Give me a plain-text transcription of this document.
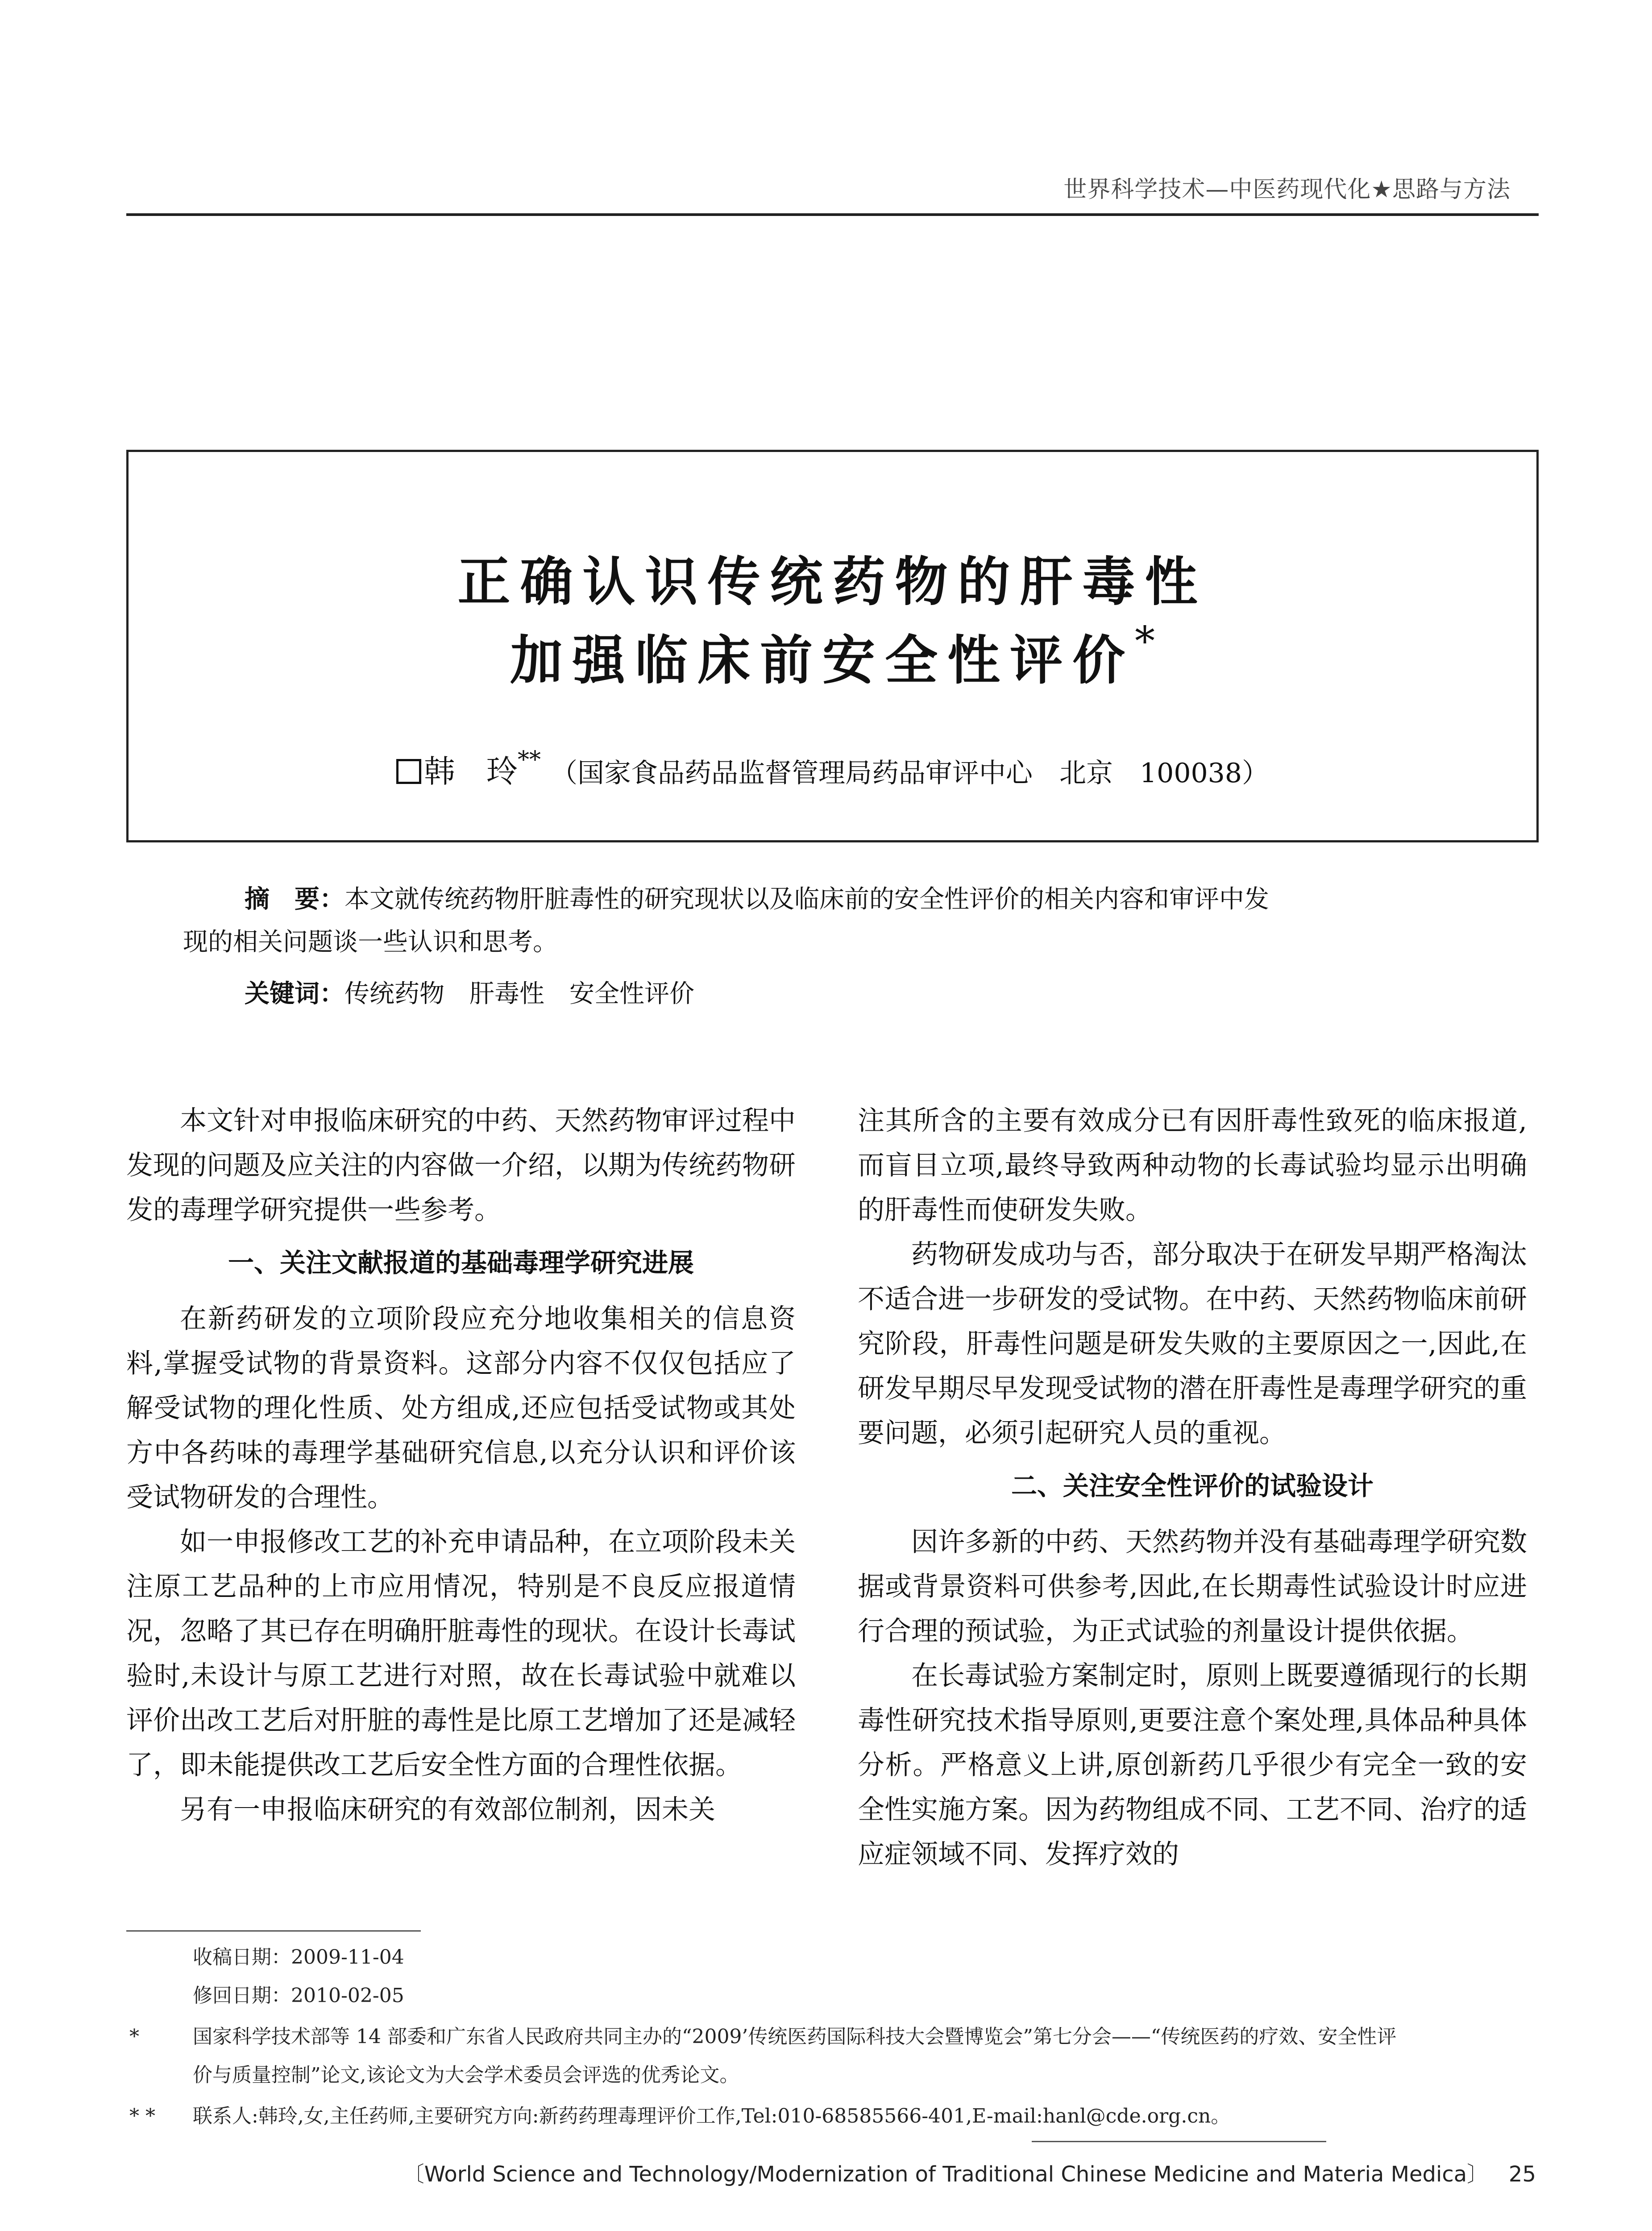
世界科学技术—中医药现代化★思路与方法
正确认识传统药物的肝毒性
加强临床前安全性评价*
韩　玲** （国家食品药品监督管理局药品审评中心　北京　100038）
摘　要：本文就传统药物肝脏毒性的研究现状以及临床前的安全性评价的相关内容和审评中发
现的相关问题谈一些认识和思考。
关键词：传统药物　肝毒性　安全性评价

本文针对申报临床研究的中药、天然药物审评过程中发现的问题及应关注的内容做一介绍，以期为传统药物研发的毒理学研究提供一些参考。

一、关注文献报道的基础毒理学研究进展

在新药研发的立项阶段应充分地收集相关的信息资料,掌握受试物的背景资料。这部分内容不仅仅包括应了解受试物的理化性质、处方组成,还应包括受试物或其处方中各药味的毒理学基础研究信息,以充分认识和评价该受试物研发的合理性。

如一申报修改工艺的补充申请品种，在立项阶段未关注原工艺品种的上市应用情况，特别是不良反应报道情况，忽略了其已存在明确肝脏毒性的现状。在设计长毒试验时,未设计与原工艺进行对照，故在长毒试验中就难以评价出改工艺后对肝脏的毒性是比原工艺增加了还是减轻了，即未能提供改工艺后安全性方面的合理性依据。

另有一申报临床研究的有效部位制剂，因未关

注其所含的主要有效成分已有因肝毒性致死的临床报道,而盲目立项,最终导致两种动物的长毒试验均显示出明确的肝毒性而使研发失败。

药物研发成功与否，部分取决于在研发早期严格淘汰不适合进一步研发的受试物。在中药、天然药物临床前研究阶段，肝毒性问题是研发失败的主要原因之一,因此,在研发早期尽早发现受试物的潜在肝毒性是毒理学研究的重要问题，必须引起研究人员的重视。

二、关注安全性评价的试验设计

因许多新的中药、天然药物并没有基础毒理学研究数据或背景资料可供参考,因此,在长期毒性试验设计时应进行合理的预试验，为正式试验的剂量设计提供依据。

在长毒试验方案制定时，原则上既要遵循现行的长期毒性研究技术指导原则,更要注意个案处理,具体品种具体分析。严格意义上讲,原创新药几乎很少有完全一致的安全性实施方案。因为药物组成不同、工艺不同、治疗的适应症领域不同、发挥疗效的

收稿日期：2009-11-04
修回日期：2010-02-05
*	国家科学技术部等 14 部委和广东省人民政府共同主办的“2009’传统医药国际科技大会暨博览会”第七分会——“传统医药的疗效、安全性评
价与质量控制”论文,该论文为大会学术委员会评选的优秀论文。
* * 联系人:韩玲,女,主任药师,主要研究方向:新药药理毒理评价工作,Tel:010-68585566-401,E-mail:hanl@cde.org.cn。
〔World Science and Technology/Modernization of Traditional Chinese Medicine and Materia Medica〕 25
